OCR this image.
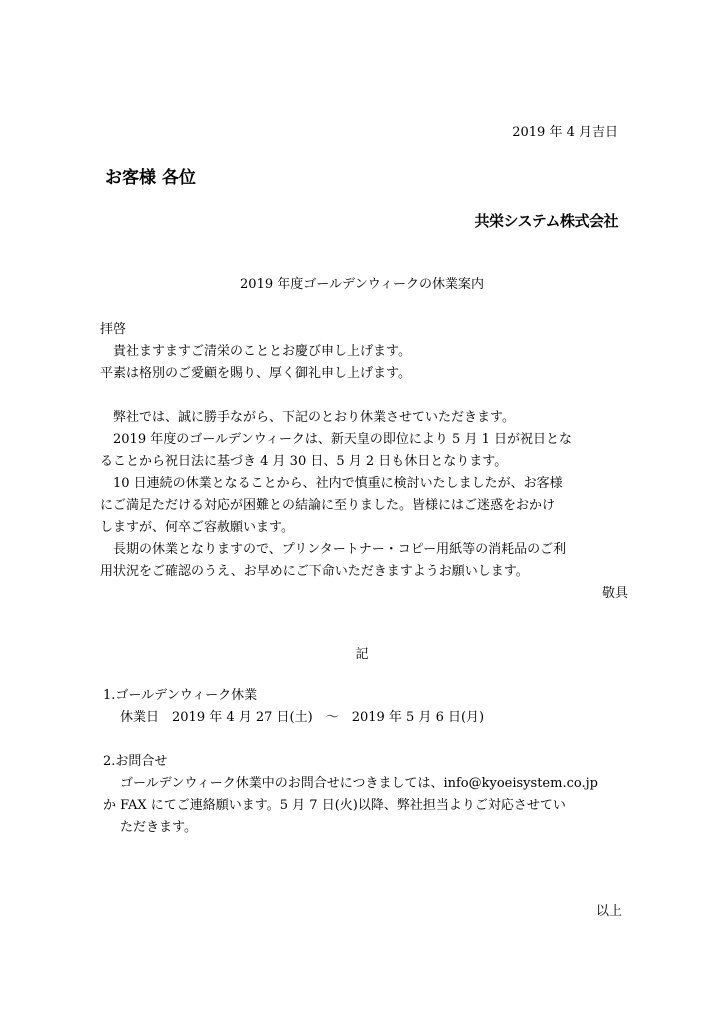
2019 年 4 月吉日
お客様 各位
共栄システム株式会社
2019 年度ゴールデンウィークの休業案内
拝啓
貴社ますますご清栄のこととお慶び申し上げます。
平素は格別のご愛顧を賜り、厚く御礼申し上げます。
弊社では、誠に勝手ながら、下記のとおり休業させていただきます。
2019 年度のゴールデンウィークは、新天皇の即位により 5 月 1 日が祝日とな
ることから祝日法に基づき 4 月 30 日、5 月 2 日も休日となります。
10 日連続の休業となることから、社内で慎重に検討いたしましたが、お客様
にご満足ただける対応が困難との結論に至りました。皆様にはご迷惑をおかけ
しますが、何卒ご容赦願います。
長期の休業となりますので、プリンタートナー・コピー用紙等の消耗品のご利
用状況をご確認のうえ、お早めにご下命いただきますようお願いします。
敬具
記
1.ゴールデンウィーク休業
休業日　2019 年 4 月 27 日(土)　～　2019 年 5 月 6 日(月)
2.お問合せ
ゴールデンウィーク休業中のお問合せにつきましては、info@kyoeisystem.co.jp
か FAX にてご連絡願います。5 月 7 日(火)以降、弊社担当よりご対応させてい
ただきます。
以上
